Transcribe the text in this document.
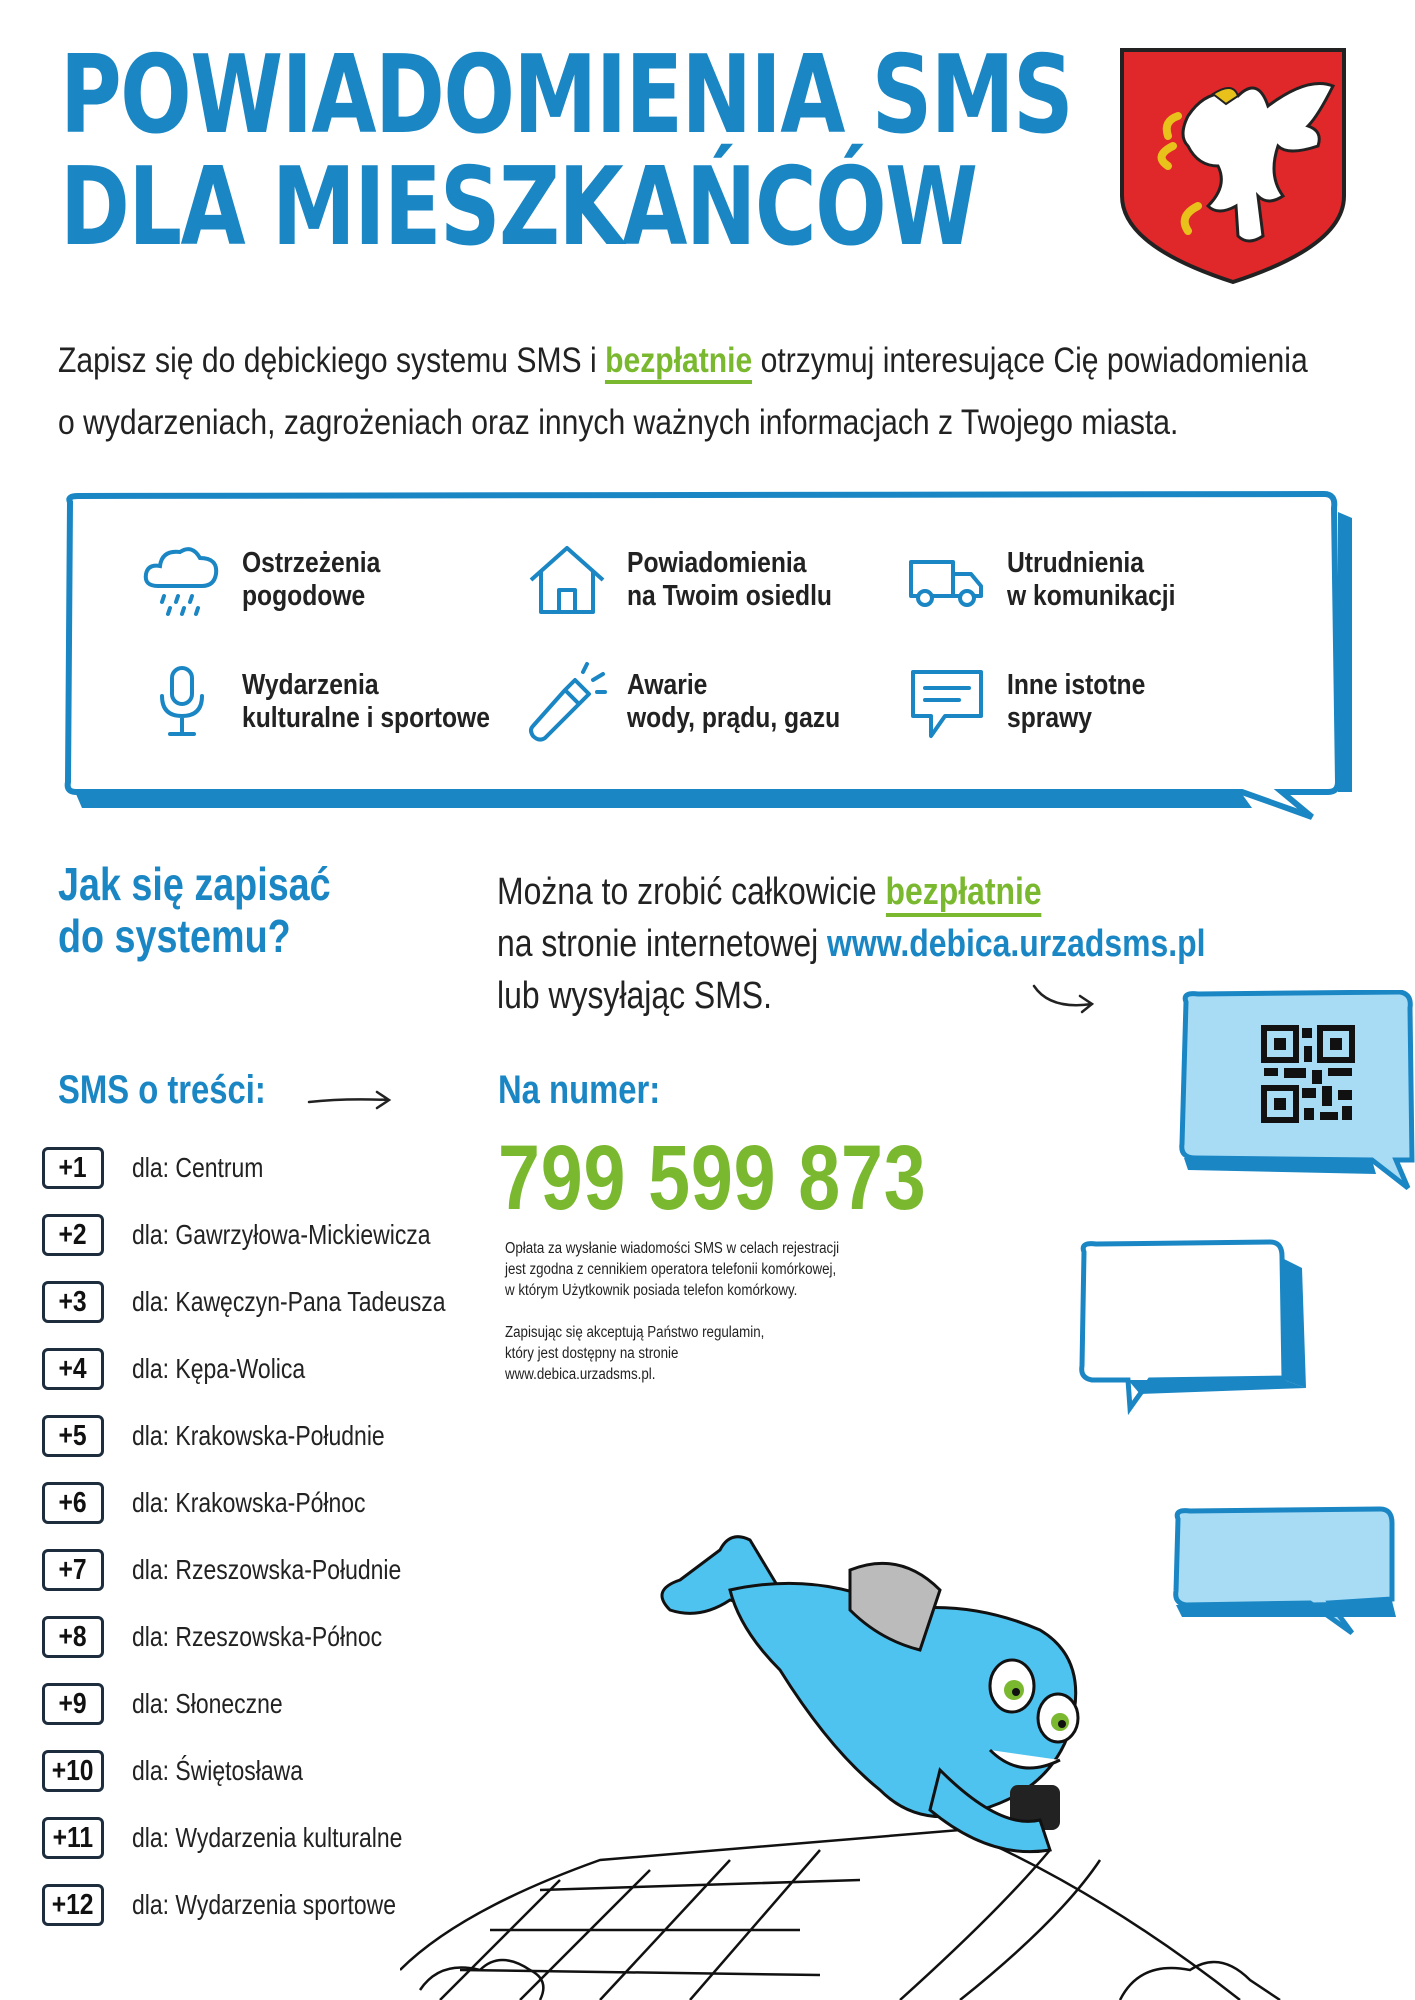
POWIADOMIENIA SMS
DLA MIESZKAŃCÓW
Zapisz się do dębickiego systemu SMS i bezpłatnie otrzymuj interesujące Cię powiadomienia
o wydarzeniach, zagrożeniach oraz innych ważnych informacjach z Twojego miasta.
Ostrzeżenia
pogodowe
Powiadomienia
na Twoim osiedlu
Utrudnienia
w komunikacji
Wydarzenia
kulturalne i sportowe
Awarie
wody, prądu, gazu
Inne istotne
sprawy
Jak się zapisać
do systemu?
Można to zrobić całkowicie bezpłatnie
na stronie internetowej www.debica.urzadsms.pl
lub wysyłając SMS.
SMS o treści:	Na numer:
799 599 873

Opłata za wysłanie wiadomości SMS w celach rejestracji
jest zgodna z cennikiem operatora telefonii komórkowej,
w którym Użytkownik posiada telefon komórkowy.

Zapisując się akceptują Państwo regulamin,
który jest dostępny na stronie
www.debica.urzadsms.pl.

+1 dla: Centrum
+2 dla: Gawrzyłowa-Mickiewicza
+3 dla: Kawęczyn-Pana Tadeusza
+4 dla: Kępa-Wolica
+5 dla: Krakowska-Południe
+6 dla: Krakowska-Północ
+7 dla: Rzeszowska-Południe
+8 dla: Rzeszowska-Północ
+9 dla: Słoneczne
+10 dla: Świętosława
+11 dla: Wydarzenia kulturalne
+12 dla: Wydarzenia sportowe
